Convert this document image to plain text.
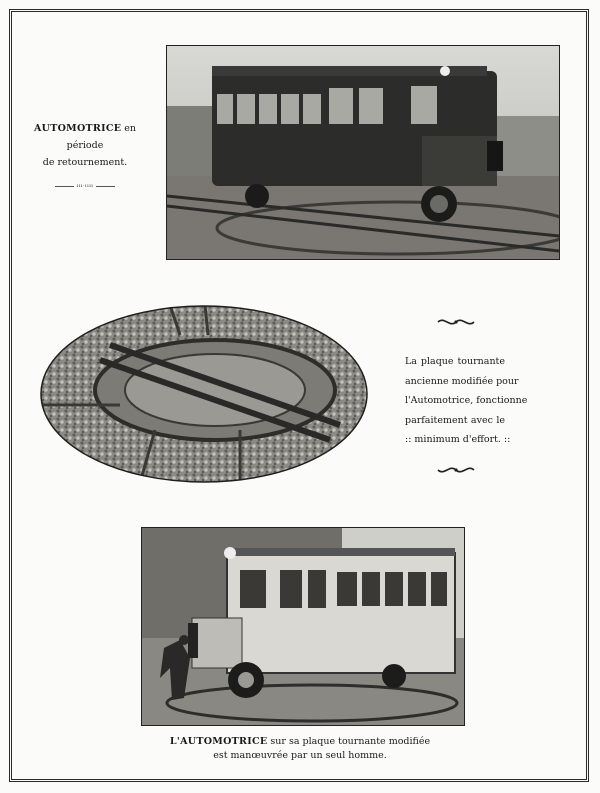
AUTOMOTRICE en période
de retournement.
ııı·ıııı
La plaque tournante
ancienne modifiée pour
l'Automotrice, fonctionne
parfaitement avec le
:: minimum d'effort. ::
L'AUTOMOTRICE sur sa plaque tournante modifiée
est manœuvrée par un seul homme.
